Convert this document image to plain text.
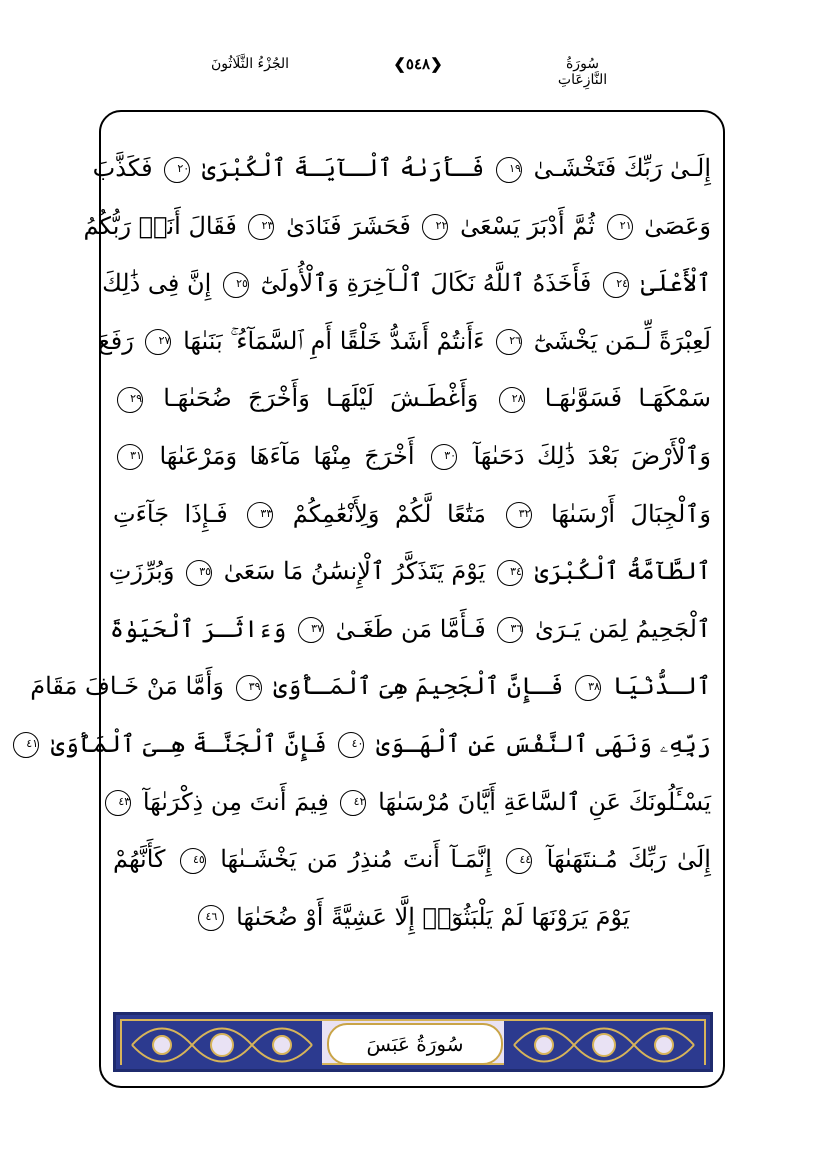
الجُزْءُ الثَّلَاثُونَ	❮٥٤٨❯	سُورَةُ النَّازِعَاتِ
إِلَـىٰ رَبِّكَ فَتَخْشَـىٰ ١٩ فَـأَرَىٰهُ ٱلْـآيَـةَ ٱلْكُبْرَىٰ ٢٠ فَكَذَّبَ
وَعَصَىٰ ٢١ ثُمَّ أَدْبَرَ يَسْعَىٰ ٢٢ فَحَشَرَ فَنَادَىٰ ٢٣ فَقَالَ أَنَا۠ رَبُّكُمُ
ٱلْأَعْلَىٰ ٢٤ فَأَخَذَهُ ٱللَّهُ نَكَالَ ٱلْـآخِرَةِ وَٱلْأُولَىٰٓ ٢٥ إِنَّ فِى ذَٰلِكَ
لَعِبْرَةً لِّـمَن يَخْشَىٰٓ ٢٦ ءَأَنتُمْ أَشَدُّ خَلْقًا أَمِ ٱلسَّمَآءُ ۚ بَنَىٰهَا ٢٧ رَفَعَ
سَمْكَهَـا فَسَوَّىٰهَـا ٢٨ وَأَغْطَـشَ لَيْلَهَـا وَأَخْرَجَ ضُحَىٰهَـا ٢٩
وَٱلْأَرْضَ بَعْدَ ذَٰلِكَ دَحَىٰهَآ ٣٠ أَخْرَجَ مِنْهَا مَآءَهَا وَمَرْعَىٰهَا ٣١
وَٱلْجِبَالَ أَرْسَىٰهَا ٣٢ مَتَٰعًا لَّكُمْ وَلِأَنْعَٰمِكُمْ ٣٣ فَـإِذَا جَآءَتِ
ٱلطَّآمَّةُ ٱلْكُبْرَىٰ ٣٤ يَوْمَ يَتَذَكَّرُ ٱلْإِنسَٰنُ مَا سَعَىٰ ٣٥ وَبُرِّزَتِ
ٱلْجَحِيمُ لِمَن يَـرَىٰ ٣٦ فَـأَمَّا مَن طَغَـىٰ ٣٧ وَءَاثَـرَ ٱلْحَيَوٰةَ
ٱلـدُّنْيَا ٣٨ فَـإِنَّ ٱلْجَحِيمَ هِىَ ٱلْمَـأْوَىٰ ٣٩ وَأَمَّا مَنْ خَـافَ مَقَامَ
رَبِّهِۦ وَنَهَى ٱلنَّفْسَ عَنِ ٱلْهَـوَىٰ ٤٠ فَإِنَّ ٱلْجَنَّـةَ هِـىَ ٱلْمَأْوَىٰ ٤١
يَسْـَٔلُونَكَ عَنِ ٱلسَّاعَةِ أَيَّانَ مُرْسَىٰهَا ٤٢ فِيمَ أَنتَ مِن ذِكْرَىٰهَآ ٤٣
إِلَىٰ رَبِّكَ مُـنتَهَىٰهَآ ٤٤ إِنَّمَـآ أَنتَ مُنذِرُ مَن يَخْشَـىٰهَا ٤٥ كَأَنَّهُمْ
يَوْمَ يَرَوْنَهَا لَمْ يَلْبَثُوٓا۟ إِلَّا عَشِيَّةً أَوْ ضُحَىٰهَا ٤٦
سُورَةُ عَبَسَ
